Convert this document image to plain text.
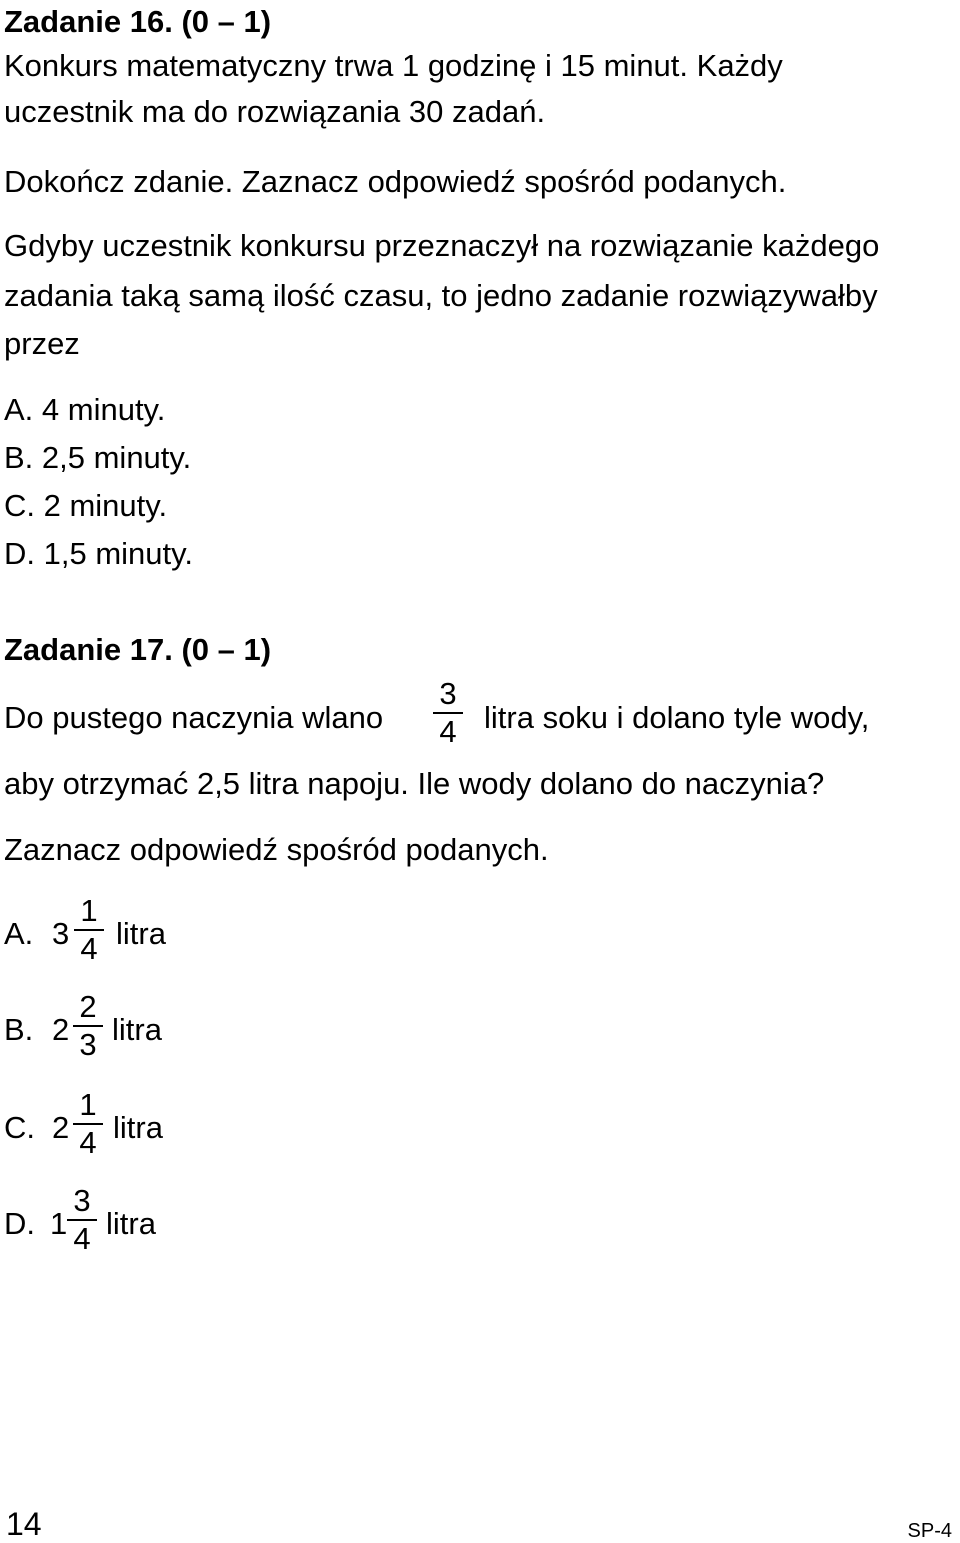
Zadanie 16. (0 – 1)
Konkurs matematyczny trwa 1 godzinę i 15 minut. Każdy
uczestnik ma do rozwiązania 30 zadań.
Dokończ zdanie. Zaznacz odpowiedź spośród podanych.
Gdyby uczestnik konkursu przeznaczył na rozwiązanie każdego
zadania taką samą ilość czasu, to jedno zadanie rozwiązywałby
przez
A. 4 minuty.
B. 2,5 minuty.
C. 2 minuty.
D. 1,5 minuty.
Zadanie 17. (0 – 1)
Do pustego naczynia wlano
3
4 litra soku i dolano tyle wody,
aby otrzymać 2,5 litra napoju. Ile wody dolano do naczynia?
Zaznacz odpowiedź spośród podanych.
A. 3
1
4 litra
B. 2
2
3 litra
C. 2
1
4 litra
D. 1
3
4 litra
14	SP-4
